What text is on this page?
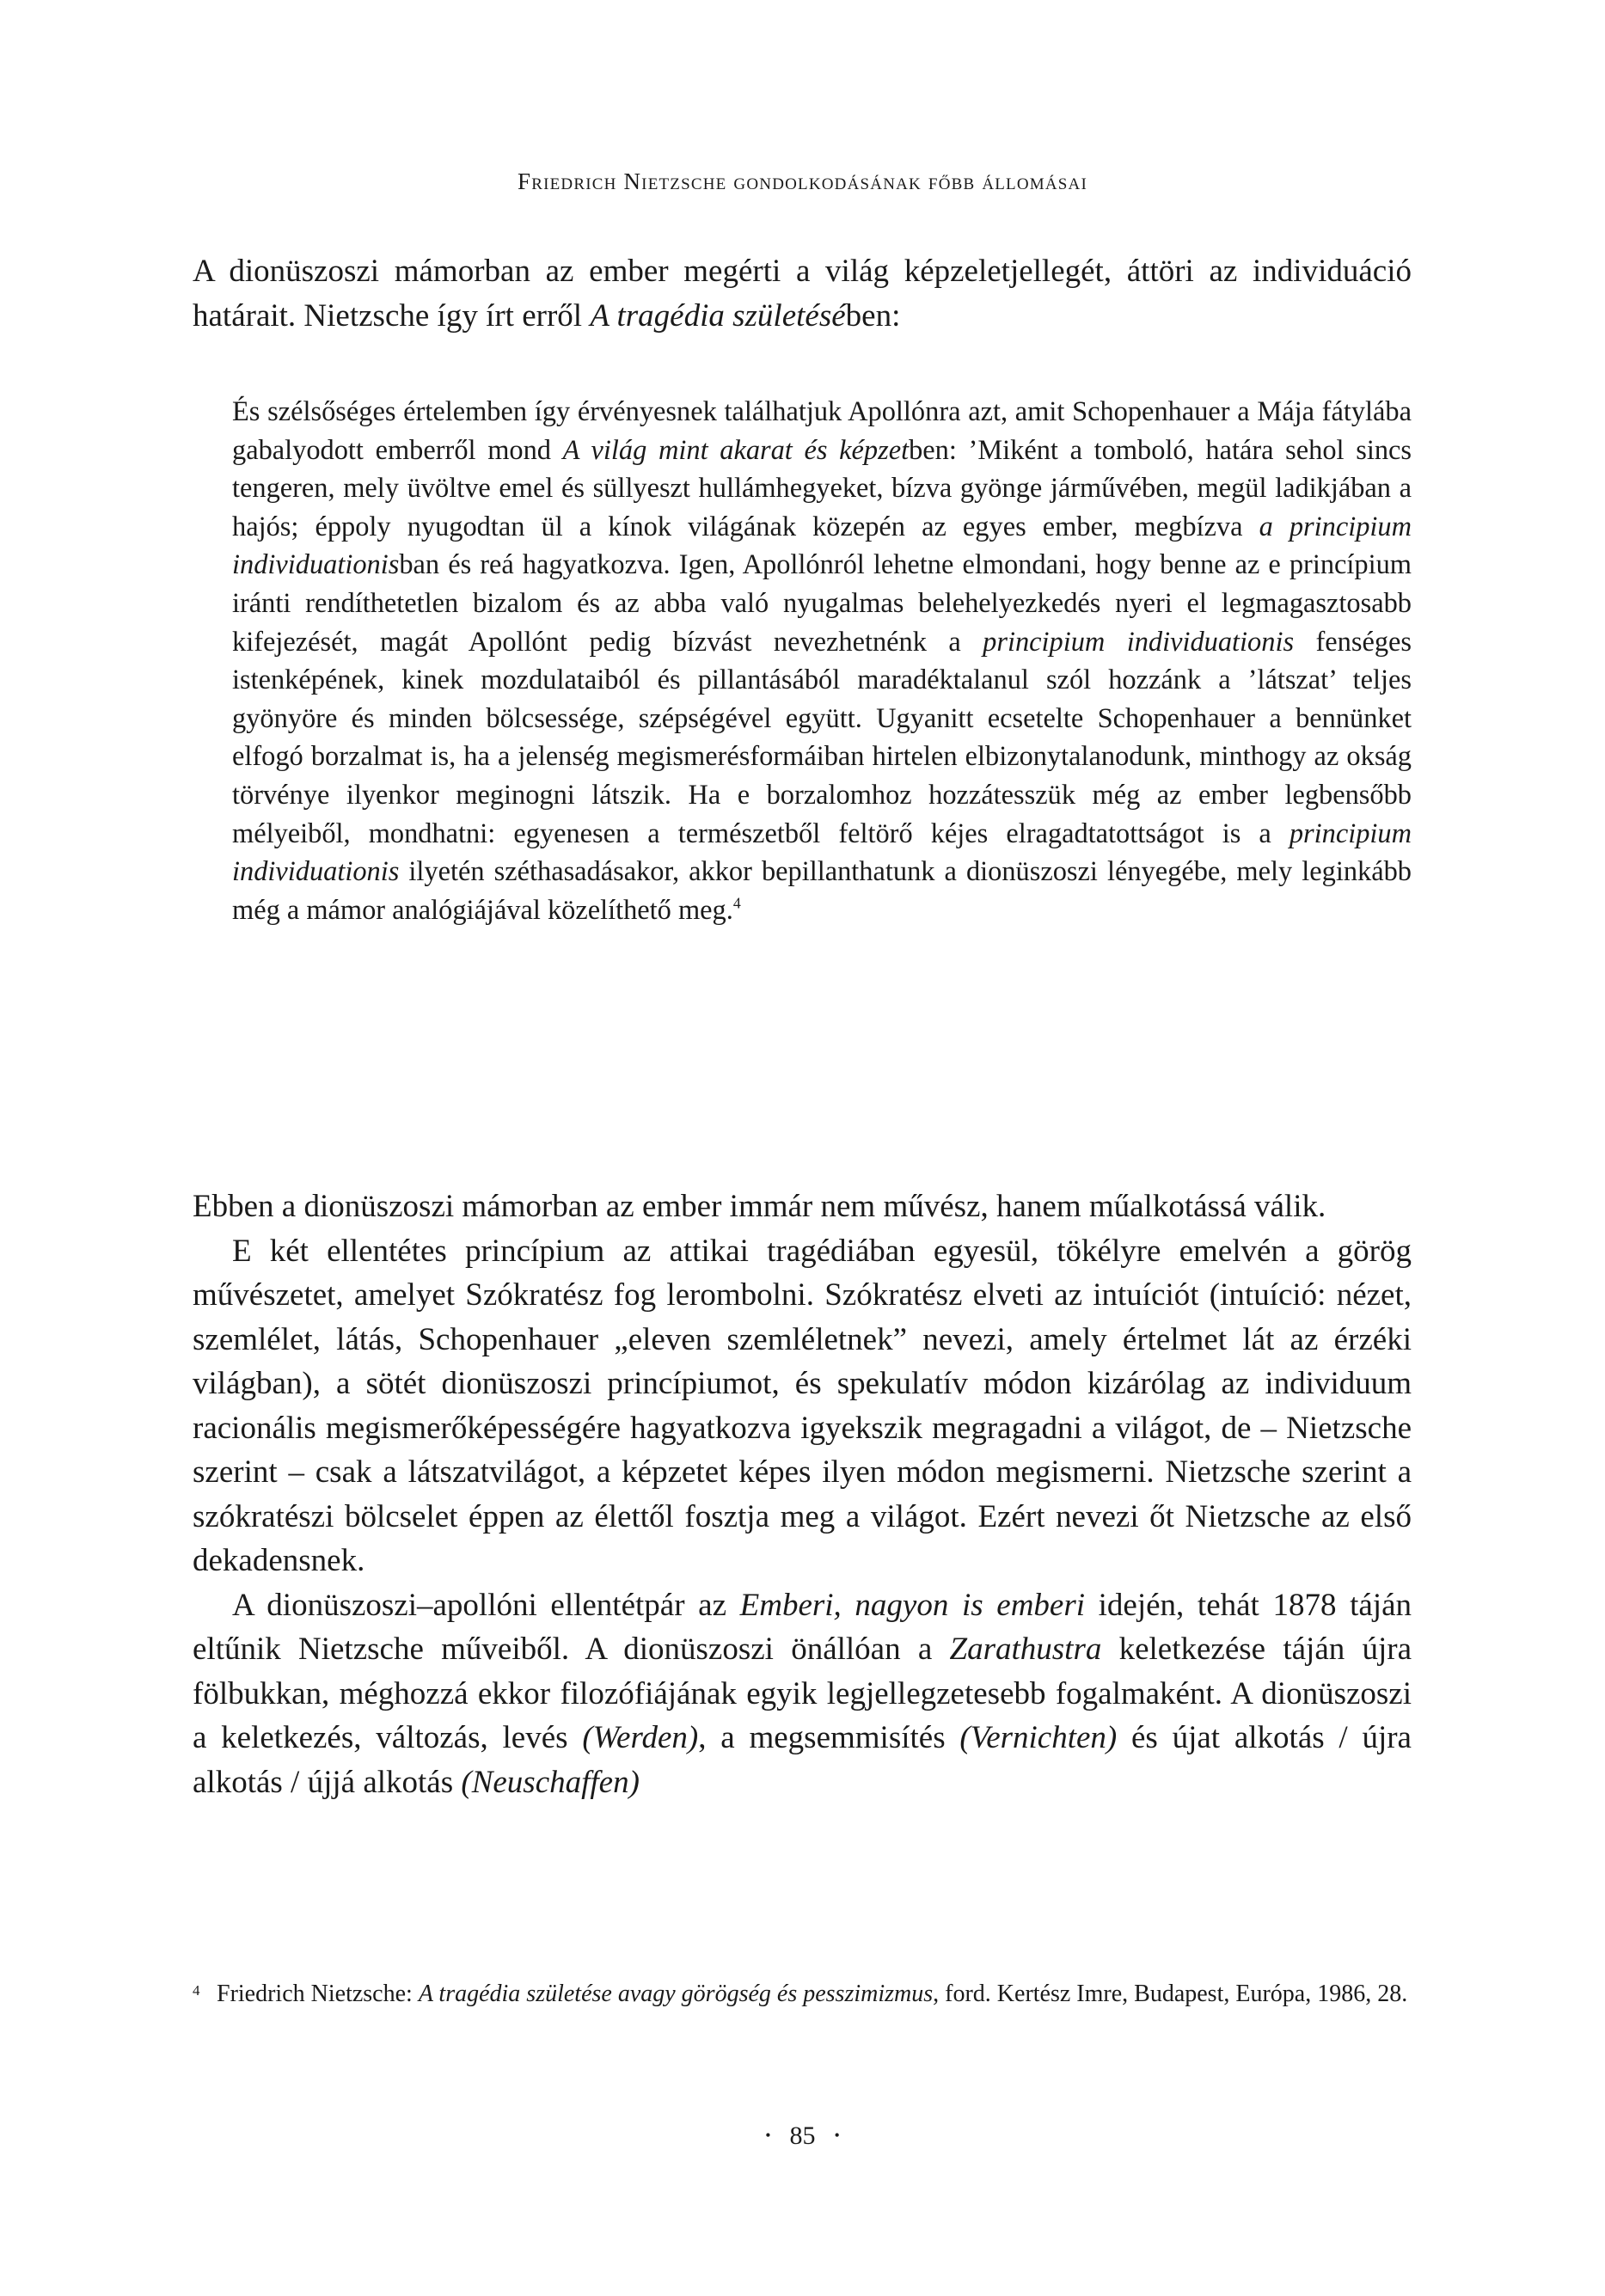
Friedrich Nietzsche gondolkodásának főbb állomásai

A dionüszoszi mámorban az ember megérti a világ képzeletjellegét, áttöri az individuáció határait. Nietzsche így írt erről A tragédia születésében:

És szélsőséges értelemben így érvényesnek találhatjuk Apollónra azt, amit Schopenhauer a Mája fátylába gabalyodott emberről mond A világ mint akarat és képzetben: ’Miként a tomboló, határa sehol sincs tengeren, mely üvöltve emel és süllyeszt hullámhegyeket, bízva gyönge járművében, megül ladikjában a hajós; éppoly nyugodtan ül a kínok világának közepén az egyes ember, megbízva a principium individuationisban és reá hagyatkozva. Igen, Apollónról lehetne elmondani, hogy benne az e princípium iránti rendíthetetlen bizalom és az abba való nyugalmas belehelyezkedés nyeri el legmagasztosabb kifejezését, magát Apollónt pedig bízvást nevezhetnénk a principium individuationis fenséges istenképének, kinek mozdulataiból és pillantásából maradéktalanul szól hozzánk a ’látszat’ teljes gyönyöre és minden bölcsessége, szépségével együtt. Ugyanitt ecsetelte Schopenhauer a bennünket elfogó borzalmat is, ha a jelenség megismerésformáiban hirtelen elbizonytalanodunk, minthogy az okság törvénye ilyenkor meginogni látszik. Ha e borzalomhoz hozzátesszük még az ember legbensőbb mélyeiből, mondhatni: egyenesen a természetből feltörő kéjes elragadtatottságot is a principium individuationis ilyetén széthasadásakor, akkor bepillanthatunk a dionüszoszi lényegébe, mely leginkább még a mámor analógiájával közelíthető meg.$^4$

Ebben a dionüszoszi mámorban az ember immár nem művész, hanem műalkotássá válik.

E két ellentétes princípium az attikai tragédiában egyesül, tökélyre emelvén a görög művészetet, amelyet Szókratész fog lerombolni. Szókratész elveti az intuíciót (intuíció: nézet, szemlélet, látás, Schopenhauer „eleven szemléletnek” nevezi, amely értelmet lát az érzéki világban), a sötét dionüszoszi princípiumot, és spekulatív módon kizárólag az individuum racionális megismerőképességére hagyatkozva igyekszik megragadni a világot, de – Nietzsche szerint – csak a látszatvilágot, a képzetet képes ilyen módon megismerni. Nietzsche szerint a szókratészi bölcselet éppen az élettől fosztja meg a világot. Ezért nevezi őt Nietzsche az első dekadensnek.

A dionüszoszi–apollóni ellentétpár az Emberi, nagyon is emberi idején, tehát 1878 táján eltűnik Nietzsche műveiből. A dionüszoszi önállóan a Zarathustra keletkezése táján újra fölbukkan, méghozzá ekkor filozófiájának egyik legjellegzetesebb fogalmaként. A dionüszoszi a keletkezés, változás, levés (Werden), a megsemmisítés (Vernichten) és újat alkotás / újra alkotás / újjá alkotás (Neuschaffen)

4 Friedrich Nietzsche: A tragédia születése avagy görögség és pesszimizmus, ford. Kertész Imre, Budapest, Európa, 1986, 28.
• 85 •
